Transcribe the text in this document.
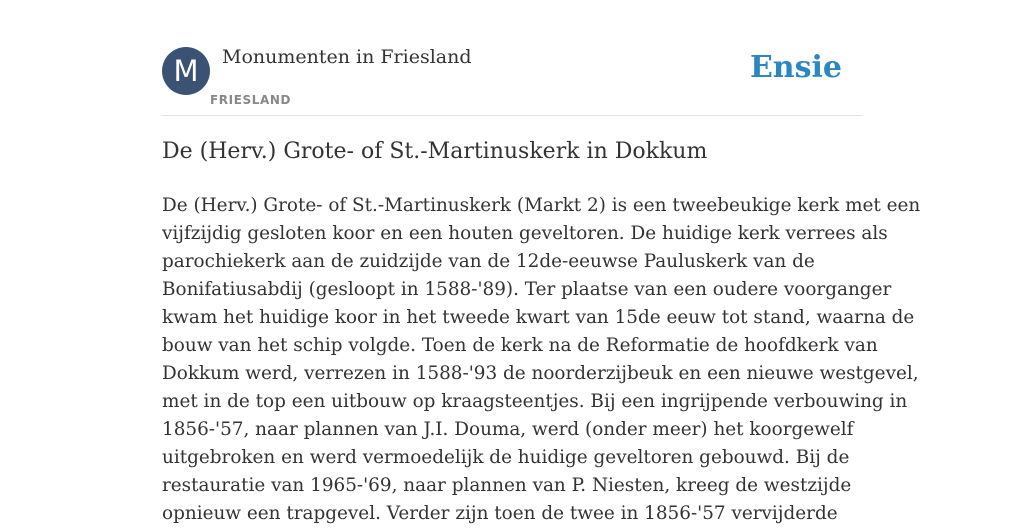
M	Monumenten in Friesland
FRIESLAND
Ensie
De (Herv.) Grote- of St.-Martinuskerk in Dokkum
De (Herv.) Grote- of St.-Martinuskerk (Markt 2) is een tweebeukige kerk met een
vijfzijdig gesloten koor en een houten geveltoren. De huidige kerk verrees als
parochiekerk aan de zuidzijde van de 12de-eeuwse Pauluskerk van de
Bonifatiusabdij (gesloopt in 1588-'89). Ter plaatse van een oudere voorganger
kwam het huidige koor in het tweede kwart van 15de eeuw tot stand, waarna de
bouw van het schip volgde. Toen de kerk na de Reformatie de hoofdkerk van
Dokkum werd, verrezen in 1588-'93 de noorderzijbeuk en een nieuwe westgevel,
met in de top een uitbouw op kraagsteentjes. Bij een ingrijpende verbouwing in
1856-'57, naar plannen van J.I. Douma, werd (onder meer) het koorgewelf
uitgebroken en werd vermoedelijk de huidige geveltoren gebouwd. Bij de
restauratie van 1965-'69, naar plannen van P. Niesten, kreeg de westzijde
opnieuw een trapgevel. Verder zijn toen de twee in 1856-'57 vervijderde
